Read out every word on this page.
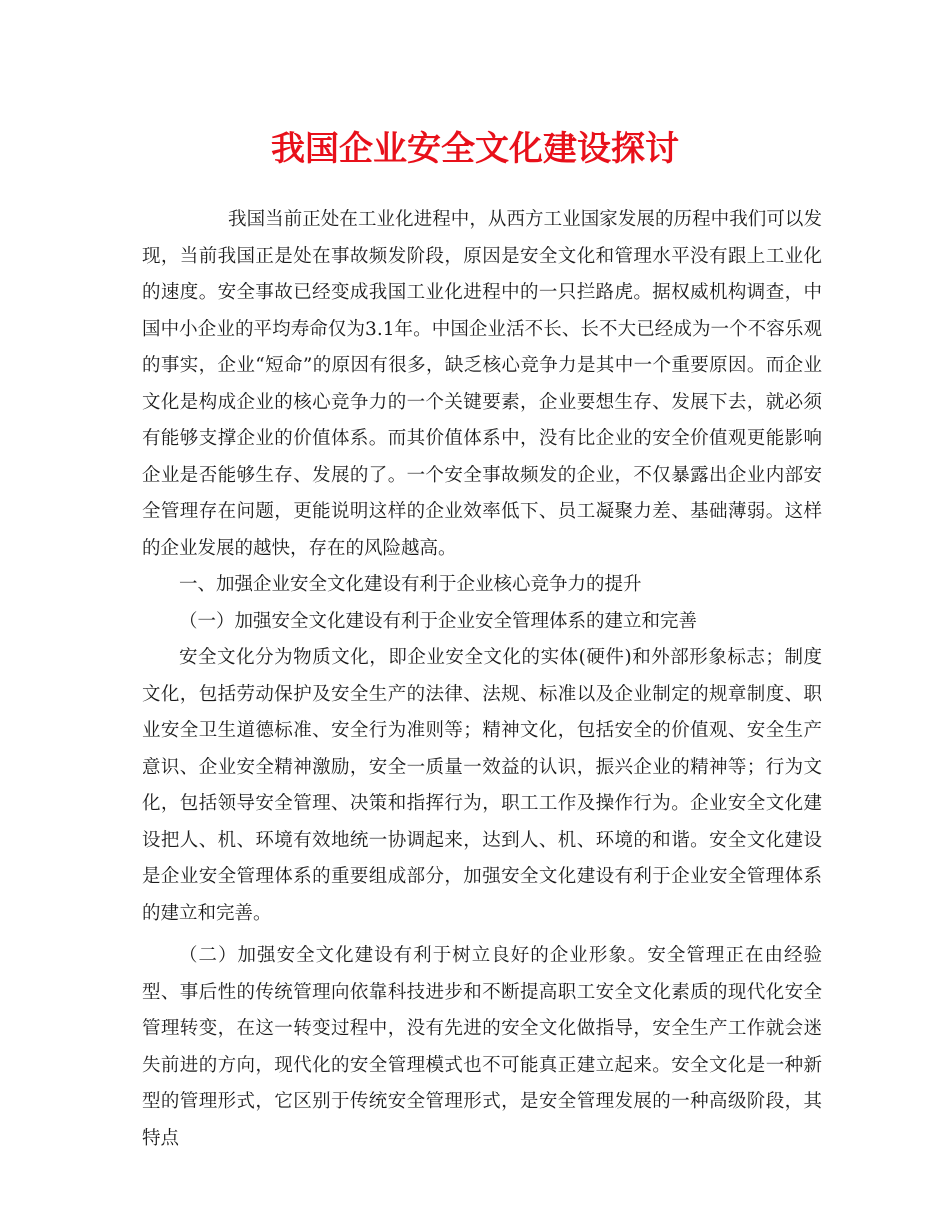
我国企业安全文化建设探讨

我国当前正处在工业化进程中，从西方工业国家发展的历程中我们可以发现，当前我国正是处在事故频发阶段，原因是安全文化和管理水平没有跟上工业化的速度。安全事故已经变成我国工业化进程中的一只拦路虎。据权威机构调查，中国中小企业的平均寿命仅为3.1年。中国企业活不长、长不大已经成为一个不容乐观的事实，企业“短命”的原因有很多，缺乏核心竞争力是其中一个重要原因。而企业文化是构成企业的核心竞争力的一个关键要素，企业要想生存、发展下去，就必须有能够支撑企业的价值体系。而其价值体系中，没有比企业的安全价值观更能影响企业是否能够生存、发展的了。一个安全事故频发的企业，不仅暴露出企业内部安全管理存在问题，更能说明这样的企业效率低下、员工凝聚力差、基础薄弱。这样的企业发展的越快，存在的风险越高。

一、加强企业安全文化建设有利于企业核心竞争力的提升

（一）加强安全文化建设有利于企业安全管理体系的建立和完善

安全文化分为物质文化，即企业安全文化的实体(硬件)和外部形象标志；制度文化，包括劳动保护及安全生产的法律、法规、标准以及企业制定的规章制度、职业安全卫生道德标准、安全行为准则等；精神文化，包括安全的价值观、安全生产意识、企业安全精神激励，安全一质量一效益的认识，振兴企业的精神等；行为文化，包括领导安全管理、决策和指挥行为，职工工作及操作行为。企业安全文化建设把人、机、环境有效地统一协调起来，达到人、机、环境的和谐。安全文化建设是企业安全管理体系的重要组成部分，加强安全文化建设有利于企业安全管理体系的建立和完善。

（二）加强安全文化建设有利于树立良好的企业形象。安全管理正在由经验型、事后性的传统管理向依靠科技进步和不断提高职工安全文化素质的现代化安全管理转变，在这一转变过程中，没有先进的安全文化做指导，安全生产工作就会迷失前进的方向，现代化的安全管理模式也不可能真正建立起来。安全文化是一种新型的管理形式，它区别于传统安全管理形式，是安全管理发展的一种高级阶段，其特点
